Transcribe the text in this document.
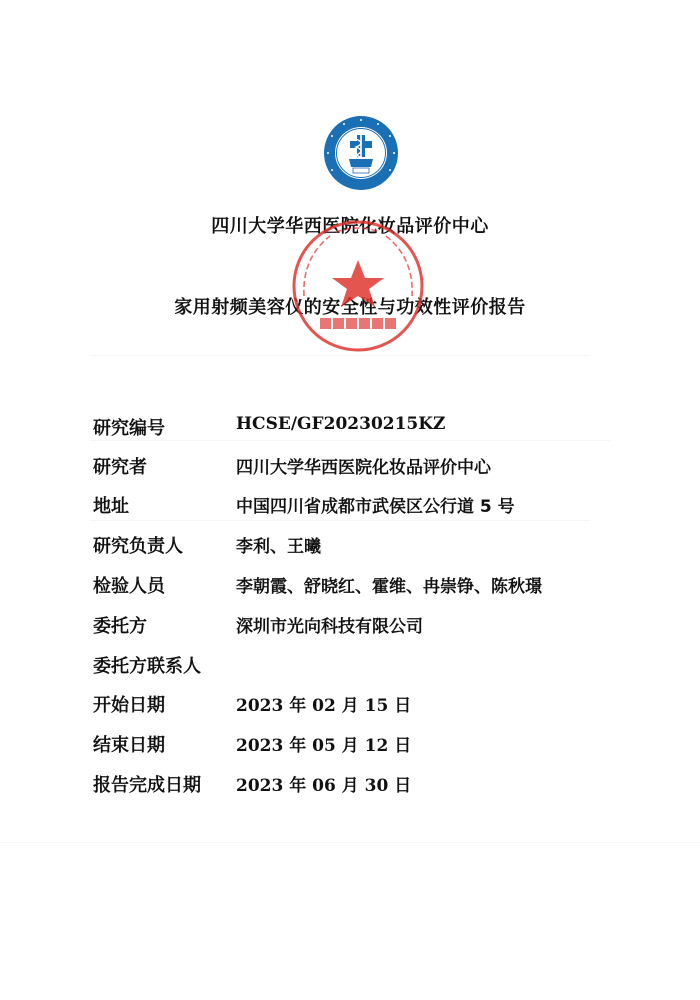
四川大学华西医院化妆品评价中心
家用射频美容仪的安全性与功效性评价报告
研究编号	HCSE/GF20230215KZ
研究者	四川大学华西医院化妆品评价中心
地址	中国四川省成都市武侯区公行道 5 号
研究负责人	李利、王曦
检验人员	李朝霞、舒晓红、霍维、冉崇铮、陈秋璟
委托方	深圳市光向科技有限公司
委托方联系人
开始日期	2023 年 02 月 15 日
结束日期	2023 年 05 月 12 日
报告完成日期 2023 年 06 月 30 日
